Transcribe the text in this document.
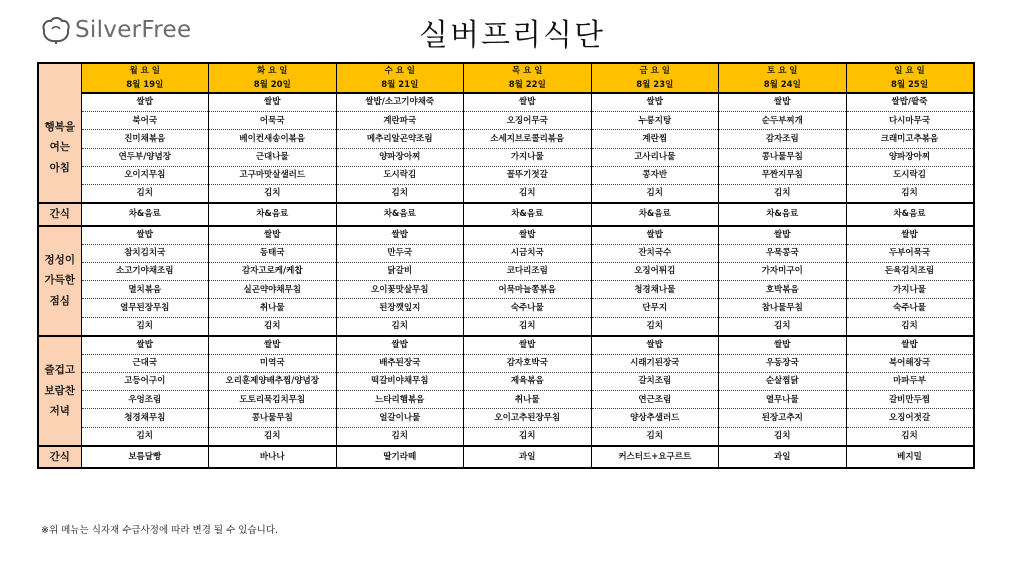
SilverFree	실버프리식단
	월 요 일	화 요 일	수 요 일	목 요 일	금 요 일	토 요 일	일 요 일
	8월 19일	8월 20일	8월 21일	8월 22일	8월 23일	8월 24일	8월 25일
행복을
여는
아침	쌀밥	쌀밥	쌀밥/소고기야채죽	쌀밥	쌀밥	쌀밥	쌀밥/팥죽
	북어국	어묵국	계란파국	오징어무국	누룽지탕	순두부찌개	다시마무국
	진미채볶음	베이컨새송이볶음	메추리알곤약조림	소세지브로콜리볶음	계란찜	감자조림	크래미고추볶음
	연두부/양념장	근대나물	양파장아찌	가지나물	고사리나물	콩나물무침	양파장아찌
	오이지무침	고구마맛살샐러드	도시락김	꼴뚜기젓갈	콩자반	무짠지무침	도시락김
	김치	김치	김치	김치	김치	김치	김치
간식	차&음료	차&음료	차&음료	차&음료	차&음료	차&음료	차&음료
정성이
가득한
점심	쌀밥	쌀밥	쌀밥	쌀밥	쌀밥	쌀밥	쌀밥
	참치김치국	동태국	만두국	시금치국	잔치국수	우묵콩국	두부어묵국
	소고기야채조림	감자고로케/케찹	닭갈비	코다리조림	오징어튀김	가자미구이	돈육김치조림
	멸치볶음	실곤약야채무침	오이꽃맛살무침	어묵마늘쫑볶음	청경채나물	호박볶음	가지나물
	열무된장무침	취나물	된장깻잎지	숙주나물	단무지	참나물무침	숙주나물
	김치	김치	김치	김치	김치	김치	김치
즐겁고
보람찬
저녁	쌀밥	쌀밥	쌀밥	쌀밥	쌀밥	쌀밥	쌀밥
	근대국	미역국	배추된장국	감자호박국	시래기된장국	우동장국	북어해장국
	고등어구이	오리훈제양배추찜/양념장	떡갈비야채무침	제육볶음	갈치조림	순살찜닭	마파두부
	우엉조림	도토리묵김치무침	느타리햄볶음	취나물	연근조림	열무나물	갈비만두찜
	청경채무침	콩나물무침	얼갈이나물	오이고추된장무침	양상추샐러드	된장고추지	오징어젓갈
	김치	김치	김치	김치	김치	김치	김치
간식	보름달빵	바나나	딸기라떼	과일	커스터드+요구르트	과일	베지밀
※위 메뉴는 식자재 수급사정에 따라 변경 될 수 있습니다.
